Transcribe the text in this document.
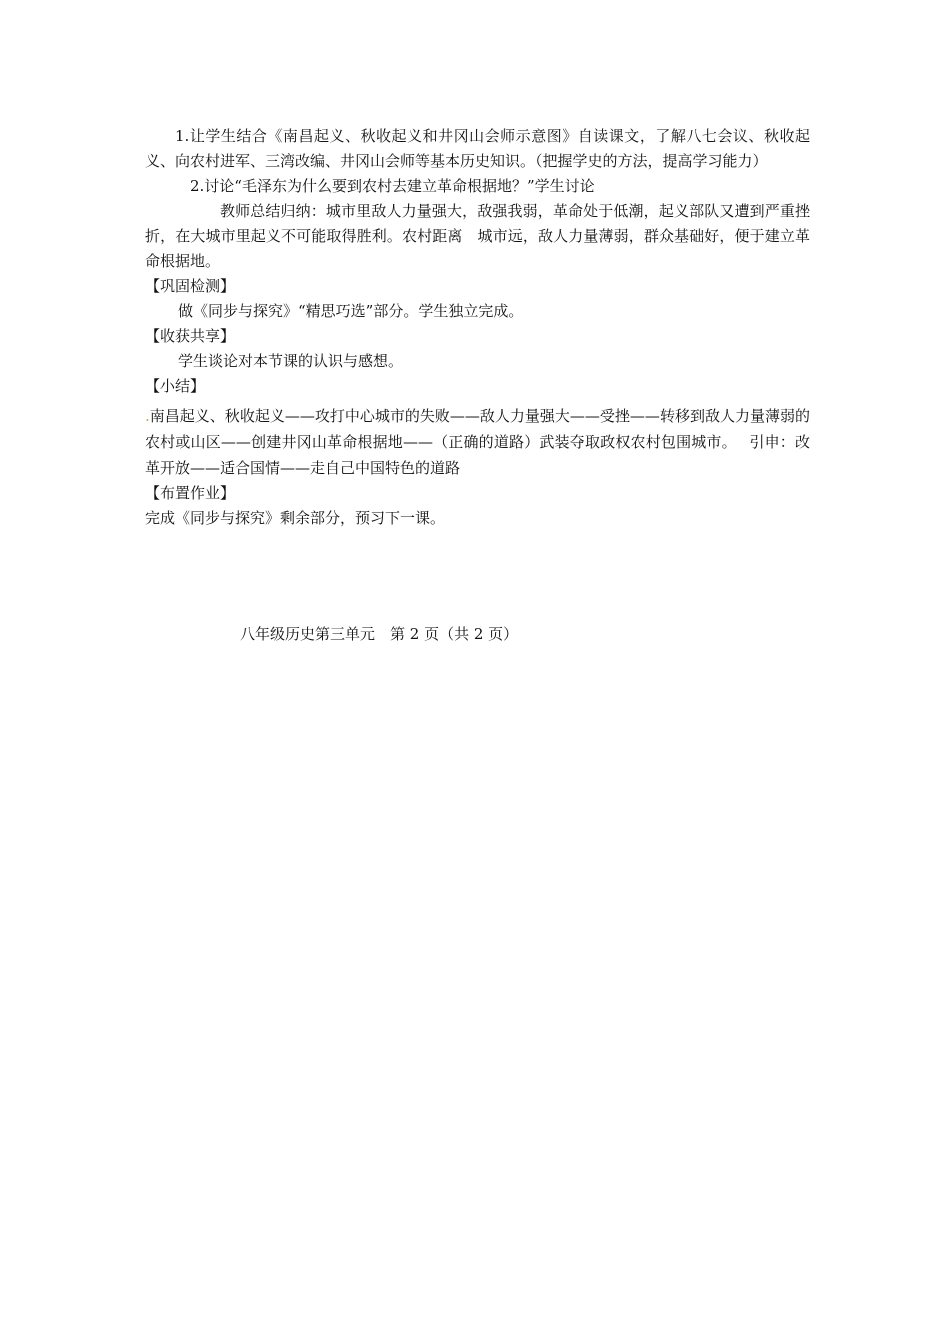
1.让学生结合《南昌起义、秋收起义和井冈山会师示意图》自读课文，了解八七会议、秋收起义、向农村进军、三湾改编、井冈山会师等基本历史知识。（把握学史的方法，提高学习能力）

2.讨论“毛泽东为什么要到农村去建立革命根据地？”学生讨论

教师总结归纳：城市里敌人力量强大，敌强我弱，革命处于低潮，起义部队又遭到严重挫折，在大城市里起义不可能取得胜利。农村距离　城市远，敌人力量薄弱，群众基础好，便于建立革命根据地。

【巩固检测】

做《同步与探究》“精思巧选”部分。学生独立完成。

【收获共享】

学生谈论对本节课的认识与感想。

【小结】

.南昌起义、秋收起义——攻打中心城市的失败——敌人力量强大——受挫——转移到敌人力量薄弱的农村或山区——创建井冈山革命根据地——（正确的道路）武装夺取政权农村包围城市。　 引申：改革开放——适合国情——走自己中国特色的道路

【布置作业】

完成《同步与探究》剩余部分，预习下一课。

八年级历史第三单元　第 2 页（共 2 页）
